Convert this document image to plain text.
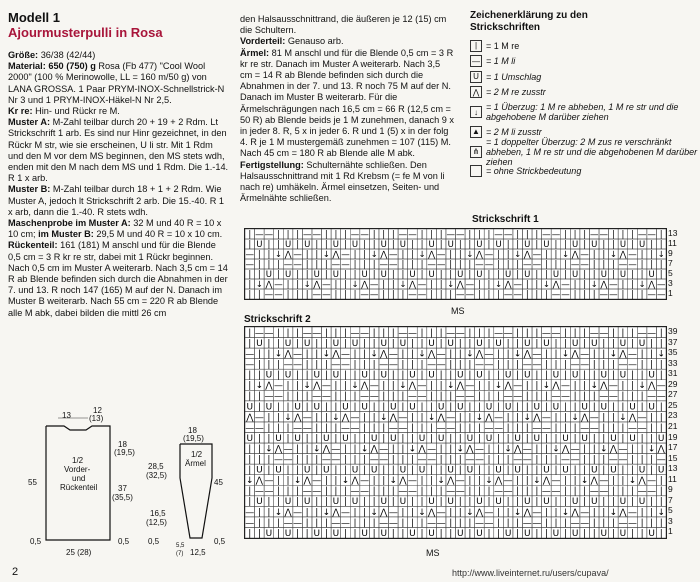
Modell 1
Ajourmusterpulli in Rosa

Größe: 36/38 (42/44)

Material: 650 (750) g Rosa (Fb 477) "Cool Wool 2000" (100 % Merinowolle, LL = 160 m/50 g) von LANA GROSSA. 1 Paar PRYM-INOX-Schnellstrick-N Nr 3 und 1 PRYM-INOX-Häkel-N Nr 2,5.

Kr re: Hin- und Rückr re M.

Muster A: M-Zahl teilbar durch 20 + 19 + 2 Rdm. Lt Strickschrift 1 arb. Es sind nur Hinr gezeichnet, in den Rückr M str, wie sie erscheinen, U li str. Mit 1 Rdm und den M vor dem MS beginnen, den MS stets wdh, enden mit den M nach dem MS und 1 Rdm. Die 1.-14. R 1 x arb.

Muster B: M-Zahl teilbar durch 18 + 1 + 2 Rdm. Wie Muster A, jedoch lt Strickschrift 2 arb. Die 15.-40. R 1 x arb, dann die 1.-40. R stets wdh.

Maschenprobe im Muster A: 32 M und 40 R = 10 x 10 cm; im Muster B: 29,5 M und 40 R = 10 x 10 cm.

Rückenteil: 161 (181) M anschl und für die Blende 0,5 cm = 3 R kr re str, dabei mit 1 Rückr beginnen. Nach 0,5 cm im Muster A weiterarb. Nach 3,5 cm = 14 R ab Blende befinden sich durch die Abnahmen in der 7. und 13. R noch 147 (165) M auf der N. Danach im Muster B weiterarb. Nach 55 cm = 220 R ab Blende alle M abk, dabei bilden die mittl 26 cm

den Halsausschnittrand, die äußeren je 12 (15) cm die Schultern.

Vorderteil: Genauso arb.

Ärmel: 81 M anschl und für die Blende 0,5 cm = 3 R kr re str. Danach im Muster A weiterarb. Nach 3,5 cm = 14 R ab Blende befinden sich durch die Abnahmen in der 7. und 13. R noch 75 M auf der N. Danach im Muster B weiterarb. Für die Ärmelschrägungen nach 16,5 cm = 66 R (12,5 cm = 50 R) ab Blende beids je 1 M zunehmen, danach 9 x in jeder 8. R, 5 x in jeder 6. R und 1 (5) x in der folg 4. R je 1 M mustergemäß zunehmen = 107 (115) M. Nach 45 cm = 180 R ab Blende alle M abk.

Fertigstellung: Schulternähte schließen. Den Halsausschnittrand mit 1 Rd Krebsm (= fe M von li nach re) umhäkeln. Ärmel einsetzen, Seiten- und Ärmelnähte schließen.

Zeichenerklärung zu den Strickschriften
| = 1 M re
— = 1 M li
U = 1 Umschlag
⋀ = 2 M re zusstr
↓ = 1 Überzug: 1 M re abheben, 1 M re str und die abgehobene M darüber ziehen
▲ = 2 M li zusstr
⋔
= 1 doppelter Überzug: 2 M zus re verschränkt abheben, 1 M re str und die abgehobenen M darüber ziehen
= ohne Strickbedeutung
13
12
(13)
18
(19,5)
55
37
(35,5)
1/2
Vorder-
und
Rückenteil
0,5	0,5
25 (28)
18
(19,5)
28,5
(32,5)
16,5
(12,5)
45
1/2
Ärmel
0,5	0,5
12,5
5,5
(7)
Strickschrift 1
| — — | | | — — | | | — — | | | — — | | | — — | | | — — | | | — — | | | — — | | | — — |
| U | | U | U | | U | U | | U | U | | U | U | | U | U | | U | U | | U | U | | U | U | |
— | | ↓ ⋀ — | | ↓ ⋀ — | | ↓ ⋀ — | | ↓ ⋀ — | | ↓ ⋀ — | | ↓ ⋀ — | | ↓ ⋀ — | | ↓ ⋀ — | | ↓
— | | | — — | | | — — | | | — — | | | — — | | | — — | | | — — | | | — — | | | — — | | |
| | U | U | | U | U | | U | U | | U | U | | U | U | | U | U | | U | U | | U | U | | U |
| ↓ ⋀ — | | ↓ ⋀ — | | ↓ ⋀ — | | ↓ ⋀ — | | ↓ ⋀ — | | ↓ ⋀ — | | ↓ ⋀ — | | ↓ ⋀ — | | ↓ ⋀ —
| | — — | | | — — | | | — — | | | — — | | | — — | | | — — | | | — — | | | — — | | | — —
13
11
9
7
5
3
1
MS
Strickschrift 2
| — — | | | — — | | | — — | | | — — | | | — — | | | — — | | | — — | | | — — | | | — — |
| U | | U | U | | U | U | | U | U | | U | U | | U | U | | U | U | | U | U | | U | U | |
— | | ↓ ⋀ — | | ↓ ⋀ — | | ↓ ⋀ — | | ↓ ⋀ — | | ↓ ⋀ — | | ↓ ⋀ — | | ↓ ⋀ — | | ↓ ⋀ — | | ↓
— | | | — — | | | — — | | | — — | | | — — | | | — — | | | — — | | | — — | | | — — | | |
| | U | U | | U | U | | U | U | | U | U | | U | U | | U | U | | U | U | | U | U | | U |
| ↓ ⋀ — | | ↓ ⋀ — | | ↓ ⋀ — | | ↓ ⋀ — | | ↓ ⋀ — | | ↓ ⋀ — | | ↓ ⋀ — | | ↓ ⋀ — | | ↓ ⋀ —
| | — — | | | — — | | | — — | | | — — | | | — — | | | — — | | | — — | | | — — | | | — —
U | U | | U | U | | U | U | | U | U | | U | U | | U | U | | U | U | | U | U | | U | U |
⋀ — | | ↓ ⋀ — | | ↓ ⋀ — | | ↓ ⋀ — | | ↓ ⋀ — | | ↓ ⋀ — | | ↓ ⋀ — | | ↓ ⋀ — | | ↓ ⋀ — | |
— — | | | — — | | | — — | | | — — | | | — — | | | — — | | | — — | | | — — | | | — — | |
U | | U | U | | U | U | | U | U | | U | U | | U | U | | U | U | | U | U | | U | U | | U
| | ↓ ⋀ — | | ↓ ⋀ — | | ↓ ⋀ — | | ↓ ⋀ — | | ↓ ⋀ — | | ↓ ⋀ — | | ↓ ⋀ — | | ↓ ⋀ — | | ↓ ⋀
| | | — — | | | — — | | | — — | | | — — | | | — — | | | — — | | | — — | | | — — | | | —
| U | U | | U | U | | U | U | | U | U | | U | U | | U | U | | U | U | | U | U | | U | U
↓ ⋀ — | | ↓ ⋀ — | | ↓ ⋀ — | | ↓ ⋀ — | | ↓ ⋀ — | | ↓ ⋀ — | | ↓ ⋀ — | | ↓ ⋀ — | | ↓ ⋀ — |
| — — | | | — — | | | — — | | | — — | | | — — | | | — — | | | — — | | | — — | | | — — |
| U | | U | U | | U | U | | U | U | | U | U | | U | U | | U | U | | U | U | | U | U | |
— | | ↓ ⋀ — | | ↓ ⋀ — | | ↓ ⋀ — | | ↓ ⋀ — | | ↓ ⋀ — | | ↓ ⋀ — | | ↓ ⋀ — | | ↓ ⋀ — | | ↓
— | | | — — | | | — — | | | — — | | | — — | | | — — | | | — — | | | — — | | | — — | | |
| | U | U | | U | U | | U | U | | U | U | | U | U | | U | U | | U | U | | U | U | | U |
39
37
35
33
31
29
27
25
23
21
19
17
15
13
11
9
7
5
3
1
MS
2	http://www.liveinternet.ru/users/cupava/
